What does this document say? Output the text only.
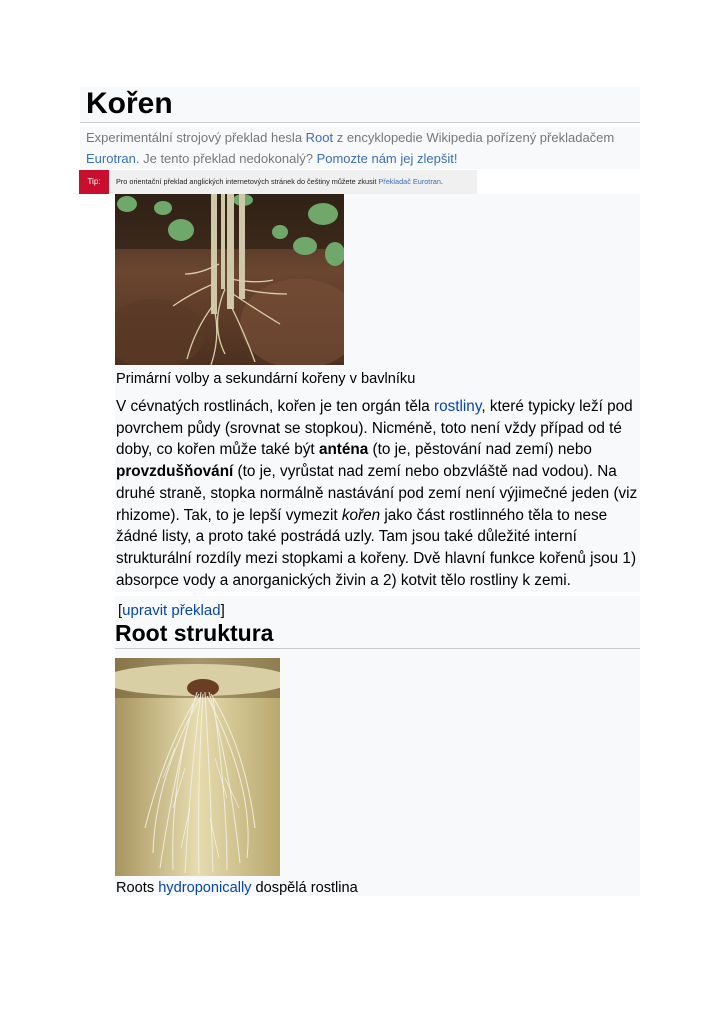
Kořen

Experimentální strojový překlad hesla Root z encyklopedie Wikipedia pořízený překladačem

Eurotran. Je tento překlad nedokonalý? Pomozte nám jej zlepšit!

Tip:	Pro orientační překlad anglických internetových stránek do češtiny můžete zkusit Překladač Eurotran.
Primární volby a sekundární kořeny v bavlníku
V cévnatých rostlinách, kořen je ten orgán těla rostliny, které typicky leží pod
povrchem půdy (srovnat se stopkou). Nicméně, toto není vždy případ od té
doby, co kořen může také být anténa (to je, pěstování nad zemí) nebo
provzdušňování (to je, vyrůstat nad zemí nebo obzvláště nad vodou). Na
druhé straně, stopka normálně nastávání pod zemí není výjimečné jeden (viz
rhizome). Tak, to je lepší vymezit kořen jako část rostlinného těla to nese
žádné listy, a proto také postrádá uzly. Tam jsou také důležité interní
strukturální rozdíly mezi stopkami a kořeny. Dvě hlavní funkce kořenů jsou 1)
absorpce vody a anorganických živin a 2) kotvit tělo rostliny k zemi.
[upravit překlad]
Root struktura
Roots hydroponically dospělá rostlina
